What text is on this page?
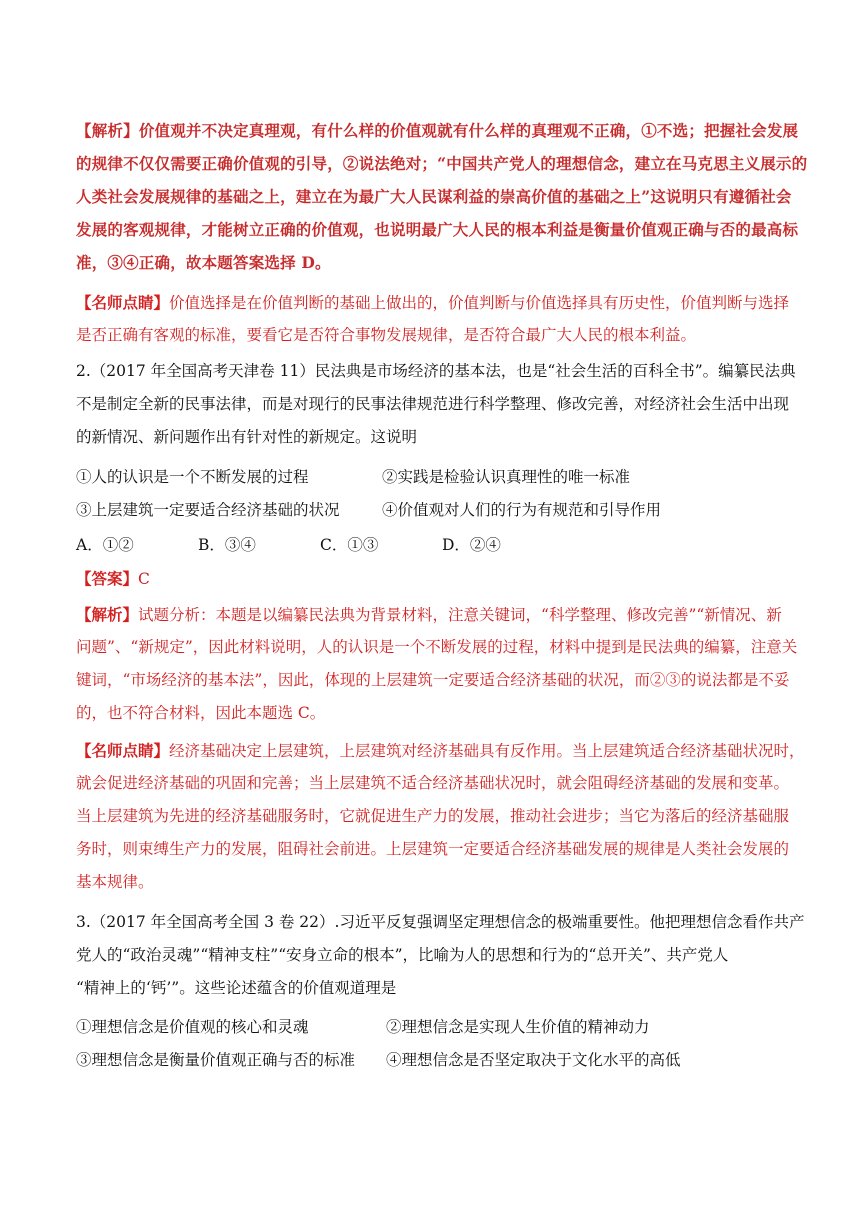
【解析】价值观并不决定真理观，有什么样的价值观就有什么样的真理观不正确，①不选；把握社会发展
的规律不仅仅需要正确价值观的引导，②说法绝对；“中国共产党人的理想信念，建立在马克思主义展示的
人类社会发展规律的基础之上，建立在为最广大人民谋利益的崇高价值的基础之上”这说明只有遵循社会
发展的客观规律，才能树立正确的价值观，也说明最广大人民的根本利益是衡量价值观正确与否的最高标
准，③④正确，故本题答案选择 D。
【名师点睛】价值选择是在价值判断的基础上做出的，价值判断与价值选择具有历史性，价值判断与选择
是否正确有客观的标准，要看它是否符合事物发展规律，是否符合最广大人民的根本利益。
2.（2017 年全国高考天津卷 11）民法典是市场经济的基本法，也是“社会生活的百科全书”。编纂民法典
不是制定全新的民事法律，而是对现行的民事法律规范进行科学整理、修改完善，对经济社会生活中出现
的新情况、新问题作出有针对性的新规定。这说明
①人的认识是一个不断发展的过程	②实践是检验认识真理性的唯一标准
③上层建筑一定要适合经济基础的状况	④价值观对人们的行为有规范和引导作用
A．①②	B．③④	C．①③	D．②④
【答案】C
【解析】试题分析：本题是以编纂民法典为背景材料，注意关键词，“科学整理、修改完善”“新情况、新
问题”、“新规定”，因此材料说明，人的认识是一个不断发展的过程，材料中提到是民法典的编纂，注意关
键词，“市场经济的基本法”，因此，体现的上层建筑一定要适合经济基础的状况，而②③的说法都是不妥
的，也不符合材料，因此本题选 C。
【名师点睛】经济基础决定上层建筑，上层建筑对经济基础具有反作用。当上层建筑适合经济基础状况时，
就会促进经济基础的巩固和完善；当上层建筑不适合经济基础状况时，就会阻碍经济基础的发展和变革。
当上层建筑为先进的经济基础服务时，它就促进生产力的发展，推动社会进步；当它为落后的经济基础服
务时，则束缚生产力的发展，阻碍社会前进。上层建筑一定要适合经济基础发展的规律是人类社会发展的
基本规律。
3.（2017 年全国高考全国 3 卷 22）.习近平反复强调坚定理想信念的极端重要性。他把理想信念看作共产
党人的“政治灵魂”“精神支柱”“安身立命的根本”，比喻为人的思想和行为的“总开关”、共产党人
“精神上的‘钙’”。这些论述蕴含的价值观道理是
①理想信念是价值观的核心和灵魂	②理想信念是实现人生价值的精神动力
③理想信念是衡量价值观正确与否的标准 ④理想信念是否坚定取决于文化水平的高低
